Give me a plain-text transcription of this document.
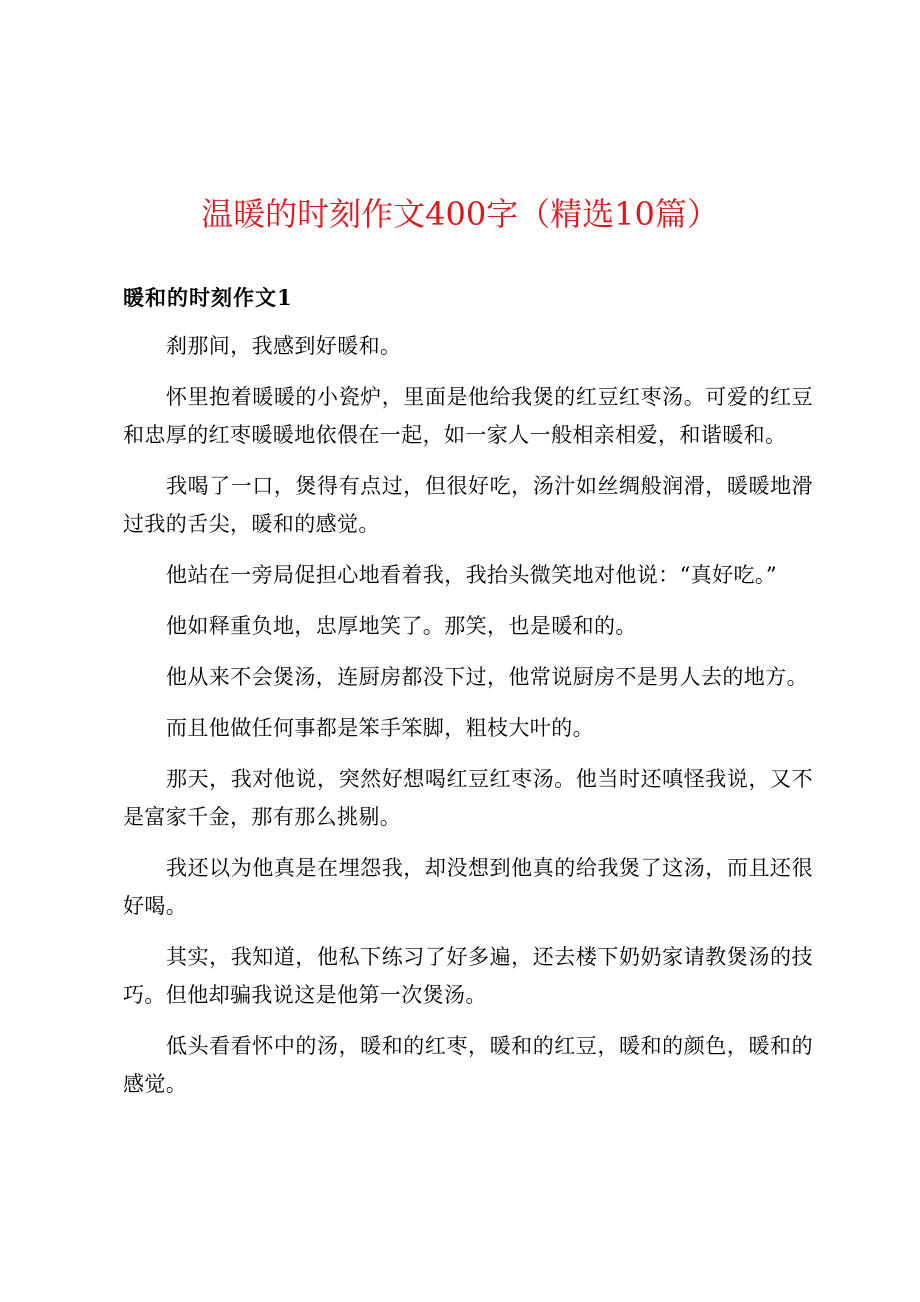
温暖的时刻作文400字（精选10篇）
暖和的时刻作文1

刹那间，我感到好暖和。

怀里抱着暖暖的小瓷炉，里面是他给我煲的红豆红枣汤。可爱的红豆和忠厚的红枣暖暖地依偎在一起，如一家人一般相亲相爱，和谐暖和。

我喝了一口，煲得有点过，但很好吃，汤汁如丝绸般润滑，暖暖地滑过我的舌尖，暖和的感觉。

他站在一旁局促担心地看着我，我抬头微笑地对他说：“真好吃。”

他如释重负地，忠厚地笑了。那笑，也是暖和的。

他从来不会煲汤，连厨房都没下过，他常说厨房不是男人去的地方。

而且他做任何事都是笨手笨脚，粗枝大叶的。

那天，我对他说，突然好想喝红豆红枣汤。他当时还嗔怪我说，又不是富家千金，那有那么挑剔。

我还以为他真是在埋怨我，却没想到他真的给我煲了这汤，而且还很好喝。

其实，我知道，他私下练习了好多遍，还去楼下奶奶家请教煲汤的技巧。但他却骗我说这是他第一次煲汤。

低头看看怀中的汤，暖和的红枣，暖和的红豆，暖和的颜色，暖和的感觉。
